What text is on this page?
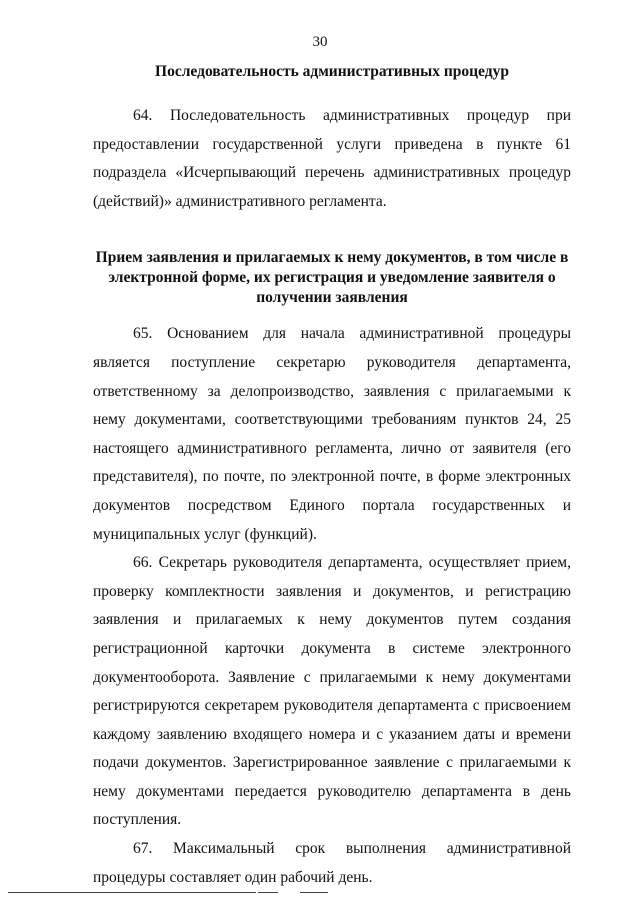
30
Последовательность административных процедур

64. Последовательность административных процедур при предоставлении государственной услуги приведена в пункте 61 подраздела «Исчерпывающий перечень административных процедур (действий)» административного регламента.

Прием заявления и прилагаемых к нему документов, в том числе в электронной форме, их регистрация и уведомление заявителя о получении заявления

65. Основанием для начала административной процедуры является поступление секретарю руководителя департамента, ответственному за делопроизводство, заявления с прилагаемыми к нему документами, соответствующими требованиям пунктов 24, 25 настоящего административного регламента, лично от заявителя (его представителя), по почте, по электронной почте, в форме электронных документов посредством Единого портала государственных и муниципальных услуг (функций).

66. Секретарь руководителя департамента, осуществляет прием, проверку комплектности заявления и документов, и регистрацию заявления и прилагаемых к нему документов путем создания регистрационной карточки документа в системе электронного документооборота. Заявление с прилагаемыми к нему документами регистрируются секретарем руководителя департамента с присвоением каждому заявлению входящего номера и с указанием даты и времени подачи документов. Зарегистрированное заявление с прилагаемыми к нему документами передается руководителю департамента в день поступления.

67. Максимальный срок выполнения административной процедуры составляет один рабочий день.
